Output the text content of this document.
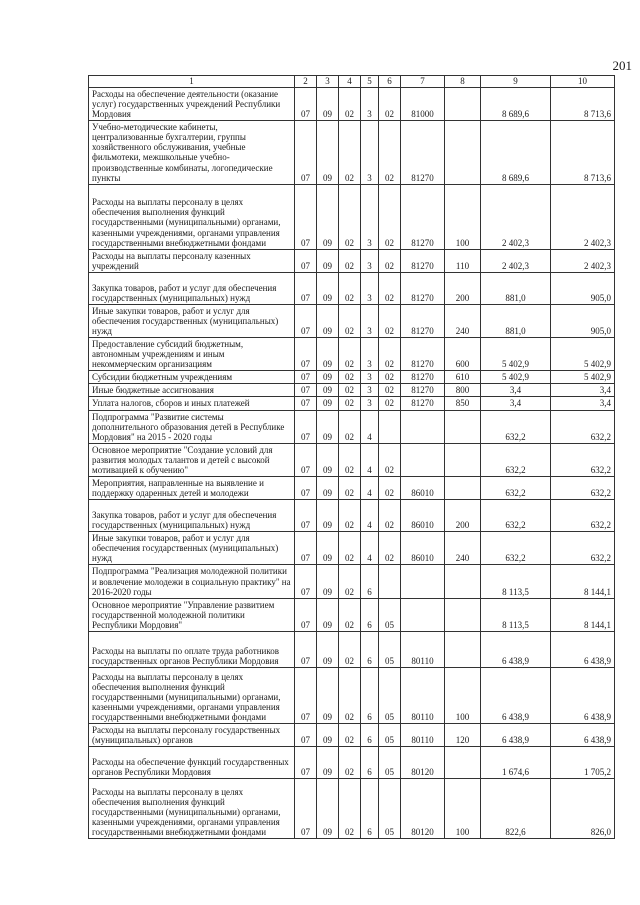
201
1	2	3	4	5	6	7	8	9	10
Расходы на обеспечение деятельности (оказание услуг) государственных учреждений Республики Мордовия	07	09	02	3	02	81000		8 689,6	8 713,6
Учебно-методические кабинеты, централизованные бухгалтерии, группы хозяйственного обслуживания, учебные фильмотеки, межшкольные учебно-производственные комбинаты, логопедические пункты	07	09	02	3	02	81270		8 689,6	8 713,6
Расходы на выплаты персоналу в целях обеспечения выполнения функций государственными (муниципальными) органами, казенными учреждениями, органами управления государственными внебюджетными фондами	07	09	02	3	02	81270	100	2 402,3	2 402,3
Расходы на выплаты персоналу казенных учреждений	07	09	02	3	02	81270	110	2 402,3	2 402,3
Закупка товаров, работ и услуг для обеспечения государственных (муниципальных) нужд	07	09	02	3	02	81270	200	881,0	905,0
Иные закупки товаров, работ и услуг для обеспечения государственных (муниципальных) нужд	07	09	02	3	02	81270	240	881,0	905,0
Предоставление субсидий бюджетным, автономным учреждениям и иным некоммерческим организациям	07	09	02	3	02	81270	600	5 402,9	5 402,9
Субсидии бюджетным учреждениям	07	09	02	3	02	81270	610	5 402,9	5 402,9
Иные бюджетные ассигнования	07	09	02	3	02	81270	800	3,4	3,4
Уплата налогов, сборов и иных платежей	07	09	02	3	02	81270	850	3,4	3,4
Подпрограмма "Развитие системы дополнительного образования детей в Республике Мордовия" на 2015 - 2020 годы	07	09	02	4				632,2	632,2
Основное мероприятие "Создание условий для развития молодых талантов и детей с высокой мотивацией к обучению"	07	09	02	4	02			632,2	632,2
Мероприятия, направленные на выявление и поддержку одаренных детей и молодежи	07	09	02	4	02	86010		632,2	632,2
Закупка товаров, работ и услуг для обеспечения государственных (муниципальных) нужд	07	09	02	4	02	86010	200	632,2	632,2
Иные закупки товаров, работ и услуг для обеспечения государственных (муниципальных) нужд	07	09	02	4	02	86010	240	632,2	632,2
Подпрограмма "Реализация молодежной политики и вовлечение молодежи в социальную практику" на 2016-2020 годы	07	09	02	6				8 113,5	8 144,1
Основное мероприятие "Управление развитием государственной молодежной политики Республики Мордовия"	07	09	02	6	05			8 113,5	8 144,1
Расходы на выплаты по оплате труда работников государственных органов Республики Мордовия	07	09	02	6	05	80110		6 438,9	6 438,9
Расходы на выплаты персоналу в целях обеспечения выполнения функций государственными (муниципальными) органами, казенными учреждениями, органами управления государственными внебюджетными фондами	07	09	02	6	05	80110	100	6 438,9	6 438,9
Расходы на выплаты персоналу государственных (муниципальных) органов	07	09	02	6	05	80110	120	6 438,9	6 438,9
Расходы на обеспечение функций государственных органов Республики Мордовия	07	09	02	6	05	80120		1 674,6	1 705,2
Расходы на выплаты персоналу в целях обеспечения выполнения функций государственными (муниципальными) органами, казенными учреждениями, органами управления государственными внебюджетными фондами	07	09	02	6	05	80120	100	822,6	826,0
